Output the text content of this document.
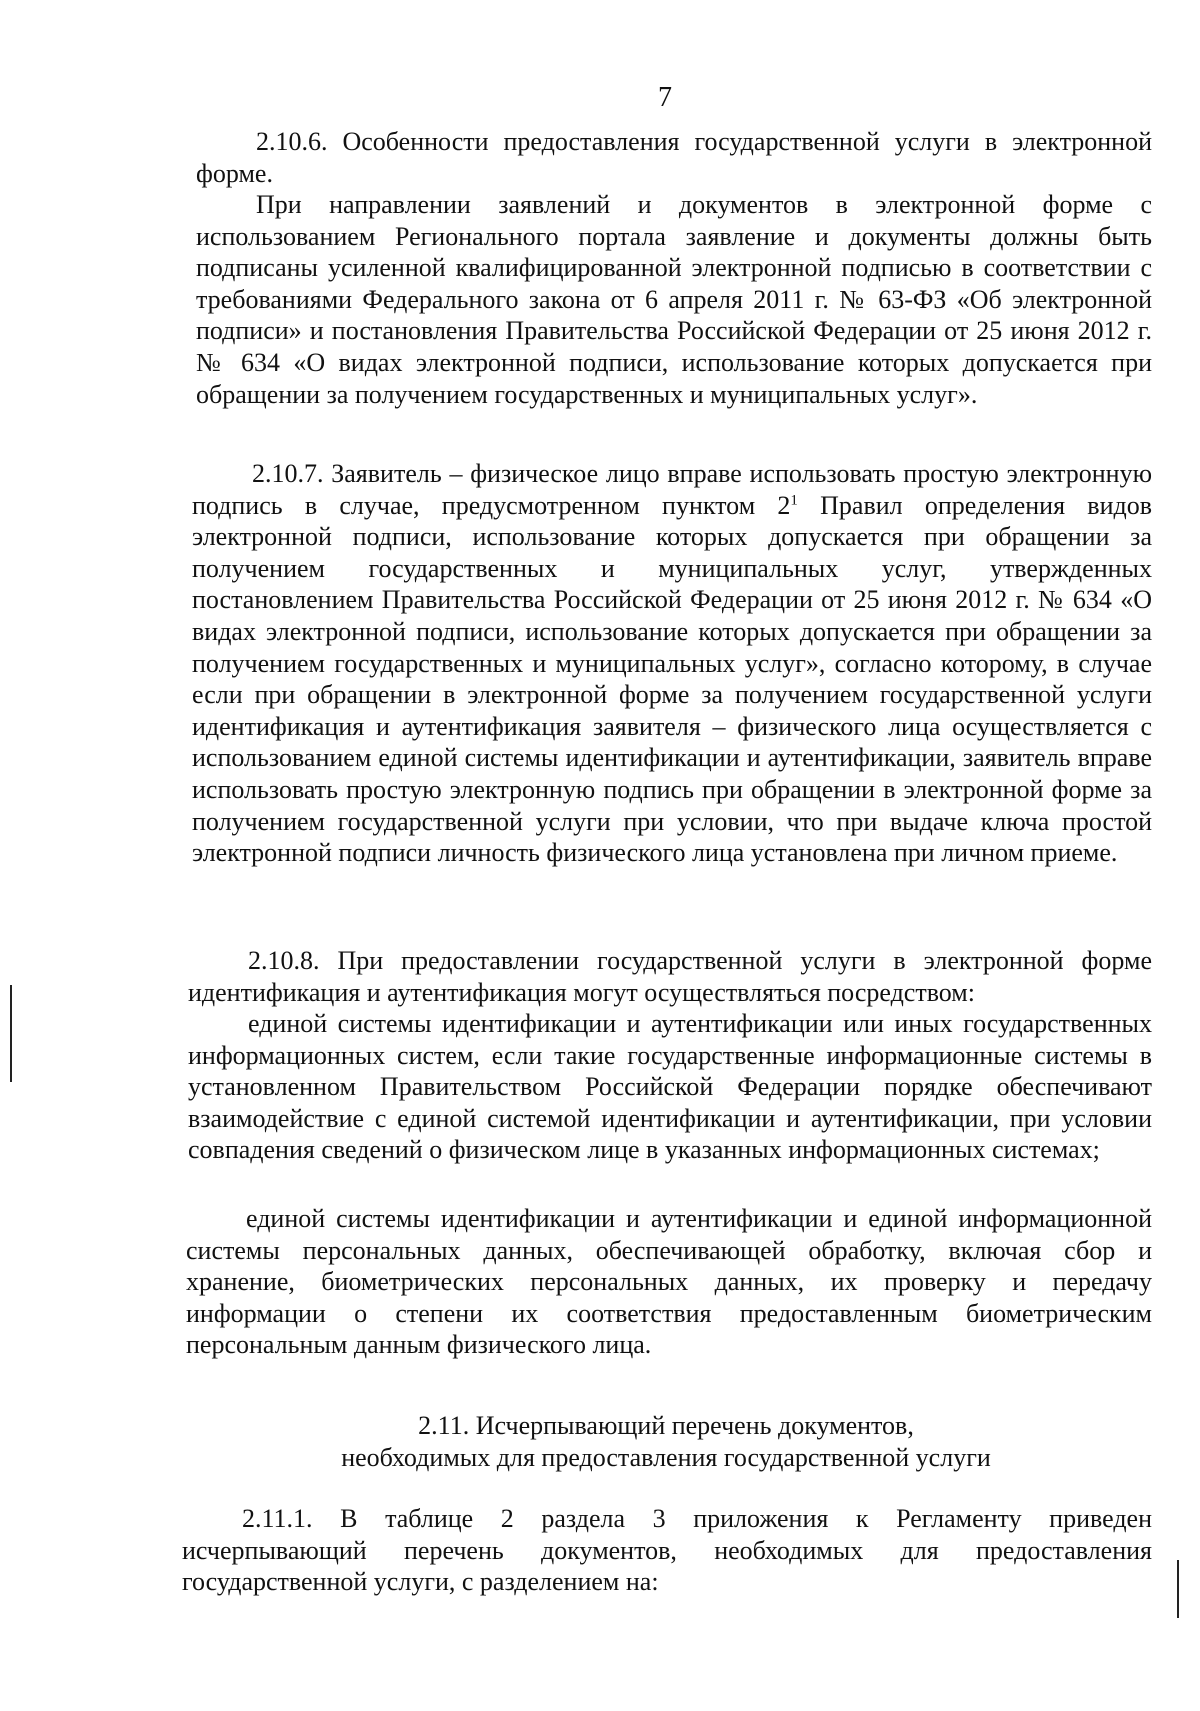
7

2.10.6. Особенности предоставления государственной услуги в электронной форме.

При направлении заявлений и документов в электронной форме с использованием Регионального портала заявление и документы должны быть подписаны усиленной квалифицированной электронной подписью в соответствии с требованиями Федерального закона от 6 апреля 2011 г. № 63-ФЗ «Об электронной подписи» и постановления Правительства Российской Федерации от 25 июня 2012 г. № 634 «О видах электронной подписи, использование которых допускается при обращении за получением государственных и муниципальных услуг».

2.10.7. Заявитель – физическое лицо вправе использовать простую электронную подпись в случае, предусмотренном пунктом $2^1$ Правил определения видов электронной подписи, использование которых допускается при обращении за получением государственных и муниципальных услуг, утвержденных постановлением Правительства Российской Федерации от 25 июня 2012 г. № 634 «О видах электронной подписи, использование которых допускается при обращении за получением государственных и муниципальных услуг», согласно которому, в случае если при обращении в электронной форме за получением государственной услуги идентификация и аутентификация заявителя – физического лица осуществляется с использованием единой системы идентификации и аутентификации, заявитель вправе использовать простую электронную подпись при обращении в электронной форме за получением государственной услуги при условии, что при выдаче ключа простой электронной подписи личность физического лица установлена при личном приеме.

2.10.8. При предоставлении государственной услуги в электронной форме идентификация и аутентификация могут осуществляться посредством:

единой системы идентификации и аутентификации или иных государственных информационных систем, если такие государственные информационные системы в установленном Правительством Российской Федерации порядке обеспечивают взаимодействие с единой системой идентификации и аутентификации, при условии совпадения сведений о физическом лице в указанных информационных системах;

единой системы идентификации и аутентификации и единой информационной системы персональных данных, обеспечивающей обработку, включая сбор и хранение, биометрических персональных данных, их проверку и передачу информации о степени их соответствия предоставленным биометрическим персональным данным физического лица.

2.11. Исчерпывающий перечень документов,

необходимых для предоставления государственной услуги

2.11.1. В таблице 2 раздела 3 приложения к Регламенту приведен исчерпывающий перечень документов, необходимых для предоставления государственной услуги, с разделением на:
